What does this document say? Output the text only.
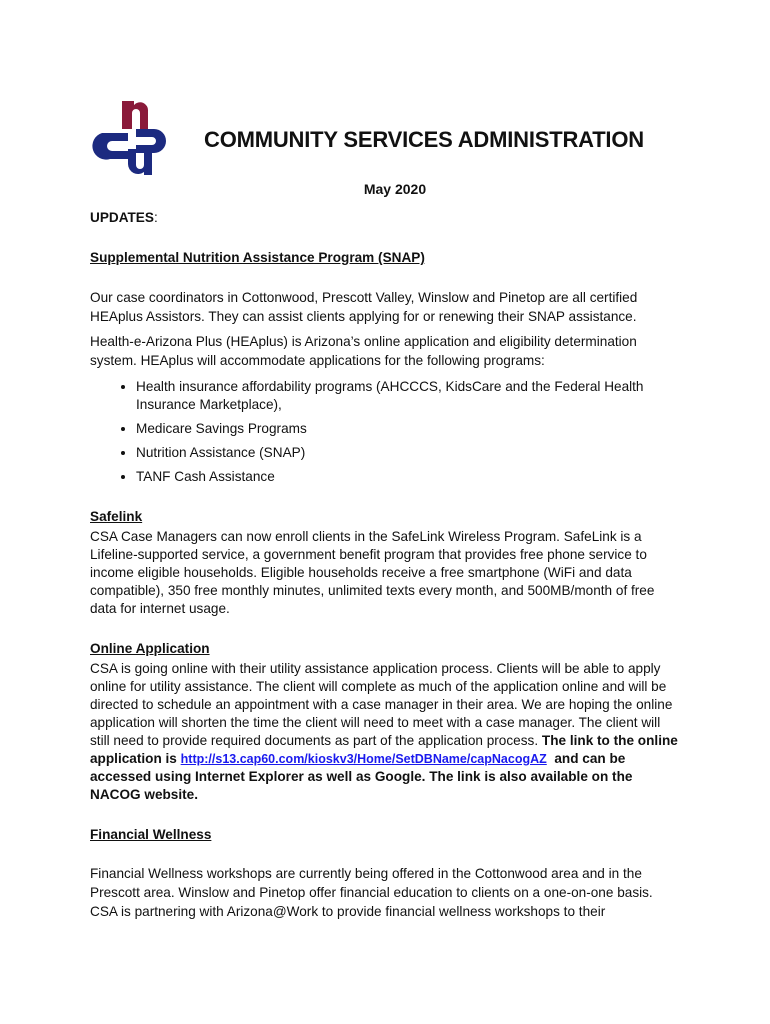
COMMUNITY SERVICES ADMINISTRATION
May 2020

UPDATES:

Supplemental Nutrition Assistance Program (SNAP)

Our case coordinators in Cottonwood, Prescott Valley, Winslow and Pinetop are all certified HEAplus Assistors. They can assist clients applying for or renewing their SNAP assistance.

Health-e-Arizona Plus (HEAplus) is Arizona’s online application and eligibility determination system. HEAplus will accommodate applications for the following programs:

• Health insurance affordability programs (AHCCCS, KidsCare and the Federal Health Insurance Marketplace),
• Medicare Savings Programs
• Nutrition Assistance (SNAP)
• TANF Cash Assistance

Safelink

CSA Case Managers can now enroll clients in the SafeLink Wireless Program. SafeLink is a Lifeline-supported service, a government benefit program that provides free phone service to income eligible households. Eligible households receive a free smartphone (WiFi and data compatible), 350 free monthly minutes, unlimited texts every month, and 500MB/month of free data for internet usage.

Online Application

CSA is going online with their utility assistance application process. Clients will be able to apply online for utility assistance. The client will complete as much of the application online and will be directed to schedule an appointment with a case manager in their area. We are hoping the online application will shorten the time the client will need to meet with a case manager. The client will still need to provide required documents as part of the application process. The link to the online application is http://s13.cap60.com/kioskv3/Home/SetDBName/capNacogAZ and can be accessed using Internet Explorer as well as Google. The link is also available on the NACOG website.

Financial Wellness

Financial Wellness workshops are currently being offered in the Cottonwood area and in the Prescott area. Winslow and Pinetop offer financial education to clients on a one-on-one basis. CSA is partnering with Arizona@Work to provide financial wellness workshops to their
